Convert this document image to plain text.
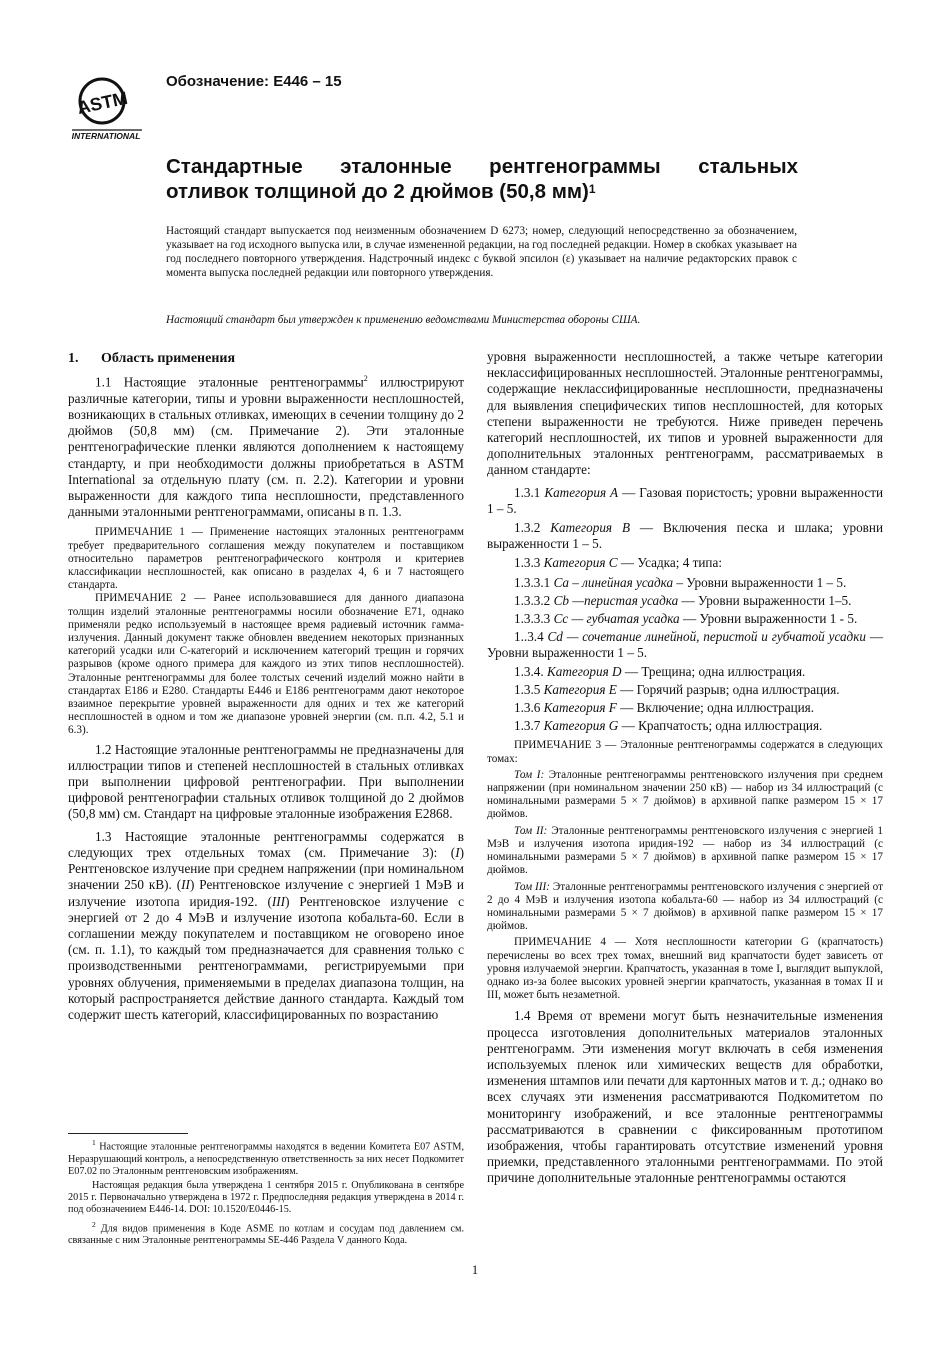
ASTM
INTERNATIONAL
Обозначение: E446 – 15
Стандартные эталонные рентгенограммы стальных
отливок толщиной до 2 дюймов (50,8 мм)$^1$
Настоящий стандарт выпускается под неизменным обозначением D 6273; номер, следующий непосредственно за обозначением, указывает на год исходного выпуска или, в случае измененной редакции, на год последней редакции. Номер в скобках указывает на год последнего повторного утверждения. Надстрочный индекс с буквой эпсилон (ε) указывает на наличие редакторских правок с момента выпуска последней редакции или повторного утверждения.
Настоящий стандарт был утвержден к применению ведомствами Министерства обороны США.
1. Область применения

1.1 Настоящие эталонные рентгенограммы$^2$ иллюстрируют различные категории, типы и уровни выраженности несплошностей, возникающих в стальных отливках, имеющих в сечении толщину до 2 дюймов (50,8 мм) (см. Примечание 2). Эти эталонные рентгенографические пленки являются дополнением к настоящему стандарту, и при необходимости должны приобретаться в ASTM International за отдельную плату (см. п. 2.2). Категории и уровни выраженности для каждого типа несплошности, представленного данными эталонными рентгенограммами, описаны в п. 1.3.

ПРИМЕЧАНИЕ 1 — Применение настоящих эталонных рентгенограмм требует предварительного соглашения между покупателем и поставщиком относительно параметров рентгенографического контроля и критериев классификации несплошностей, как описано в разделах 4, 6 и 7 настоящего стандарта.

ПРИМЕЧАНИЕ 2 — Ранее использовавшиеся для данного диапазона толщин изделий эталонные рентгенограммы носили обозначение E71, однако применяли редко используемый в настоящее время радиевый источник гамма-излучения. Данный документ также обновлен введением некоторых признанных категорий усадки или C-категорий и исключением категорий трещин и горячих разрывов (кроме одного примера для каждого из этих типов несплошностей). Эталонные рентгенограммы для более толстых сечений изделий можно найти в стандартах E186 и E280. Стандарты E446 и E186 рентгенограмм дают некоторое взаимное перекрытие уровней выраженности для одних и тех же категорий несплошностей в одном и том же диапазоне уровней энергии (см. п.п. 4.2, 5.1 и 6.3).

1.2 Настоящие эталонные рентгенограммы не предназначены для иллюстрации типов и степеней несплошностей в стальных отливках при выполнении цифровой рентгенографии. При выполнении цифровой рентгенографии стальных отливок толщиной до 2 дюймов (50,8 мм) см. Стандарт на цифровые эталонные изображения E2868.

1.3 Настоящие эталонные рентгенограммы содержатся в следующих трех отдельных томах (см. Примечание 3): (I) Рентгеновское излучение при среднем напряжении (при номинальном значении 250 кВ). (II) Рентгеновское излучение с энергией 1 МэВ и излучение изотопа иридия-192. (III) Рентгеновское излучение с энергией от 2 до 4 МэВ и излучение изотопа кобальта-60. Если в соглашении между покупателем и поставщиком не оговорено иное (см. п. 1.1), то каждый том предназначается для сравнения только с производственными рентгенограммами, регистрируемыми при уровнях облучения, применяемыми в пределах диапазона толщин, на который распространяется действие данного стандарта. Каждый том содержит шесть категорий, классифицированных по возрастанию

$^1$ Настоящие эталонные рентгенограммы находятся в ведении Комитета E07 ASTM, Неразрушающий контроль, а непосредственную ответственность за них несет Подкомитет E07.02 по Эталонным рентгеновским изображениям.

Настоящая редакция была утверждена 1 сентября 2015 г. Опубликована в сентябре 2015 г. Первоначально утверждена в 1972 г. Предпоследняя редакция утверждена в 2014 г. под обозначением E446-14. DOI: 10.1520/E0446-15.

$^2$ Для видов применения в Коде ASME по котлам и сосудам под давлением см. связанные с ним Эталонные рентгенограммы SE-446 Раздела V данного Кода.

уровня выраженности несплошностей, а также четыре категории неклассифицированных несплошностей. Эталонные рентгенограммы, содержащие неклассифицированные несплошности, предназначены для выявления специфических типов несплошностей, для которых степени выраженности не требуются. Ниже приведен перечень категорий несплошностей, их типов и уровней выраженности для дополнительных эталонных рентгенограмм, рассматриваемых в данном стандарте:

1.3.1 Категория A — Газовая пористость; уровни выраженности 1 – 5.

1.3.2 Категория B — Включения песка и шлака; уровни выраженности 1 – 5.

1.3.3 Категория C — Усадка; 4 типа:

1.3.3.1 Ca – линейная усадка – Уровни выраженности 1 – 5.

1.3.3.2 Cb —перистая усадка — Уровни выраженности 1–5.

1.3.3.3 Cc — губчатая усадка — Уровни выраженности 1 - 5.

1..3.4 Cd — сочетание линейной, перистой и губчатой усадки — Уровни выраженности 1 – 5.

1.3.4. Категория D — Трещина; одна иллюстрация.

1.3.5 Категория E — Горячий разрыв; одна иллюстрация.

1.3.6 Категория F — Включение; одна иллюстрация.

1.3.7 Категория G — Крапчатость; одна иллюстрация.

ПРИМЕЧАНИЕ 3 — Эталонные рентгенограммы содержатся в следующих томах:

Том I: Эталонные рентгенограммы рентгеновского излучения при среднем напряжении (при номинальном значении 250 кВ) — набор из 34 иллюстраций (с номинальными размерами 5 × 7 дюймов) в архивной папке размером 15 × 17 дюймов.

Том II: Эталонные рентгенограммы рентгеновского излучения с энергией 1 МэВ и излучения изотопа иридия-192 — набор из 34 иллюстраций (с номинальными размерами 5 × 7 дюймов) в архивной папке размером 15 × 17 дюймов.

Том III: Эталонные рентгенограммы рентгеновского излучения с энергией от 2 до 4 МэВ и излучения изотопа кобальта-60 — набор из 34 иллюстраций (с номинальными размерами 5 × 7 дюймов) в архивной папке размером 15 × 17 дюймов.

ПРИМЕЧАНИЕ 4 — Хотя несплошности категории G (крапчатость) перечислены во всех трех томах, внешний вид крапчатости будет зависеть от уровня излучаемой энергии. Крапчатость, указанная в томе I, выглядит выпуклой, однако из-за более высоких уровней энергии крапчатость, указанная в томах II и III, может быть незаметной.

1.4 Время от времени могут быть незначительные изменения процесса изготовления дополнительных материалов эталонных рентгенограмм. Эти изменения могут включать в себя изменения используемых пленок или химических веществ для обработки, изменения штампов или печати для картонных матов и т. д.; однако во всех случаях эти изменения рассматриваются Подкомитетом по мониторингу изображений, и все эталонные рентгенограммы рассматриваются в сравнении с фиксированным прототипом изображения, чтобы гарантировать отсутствие изменений уровня приемки, представленного эталонными рентгенограммами. По этой причине дополнительные эталонные рентгенограммы остаются

1
